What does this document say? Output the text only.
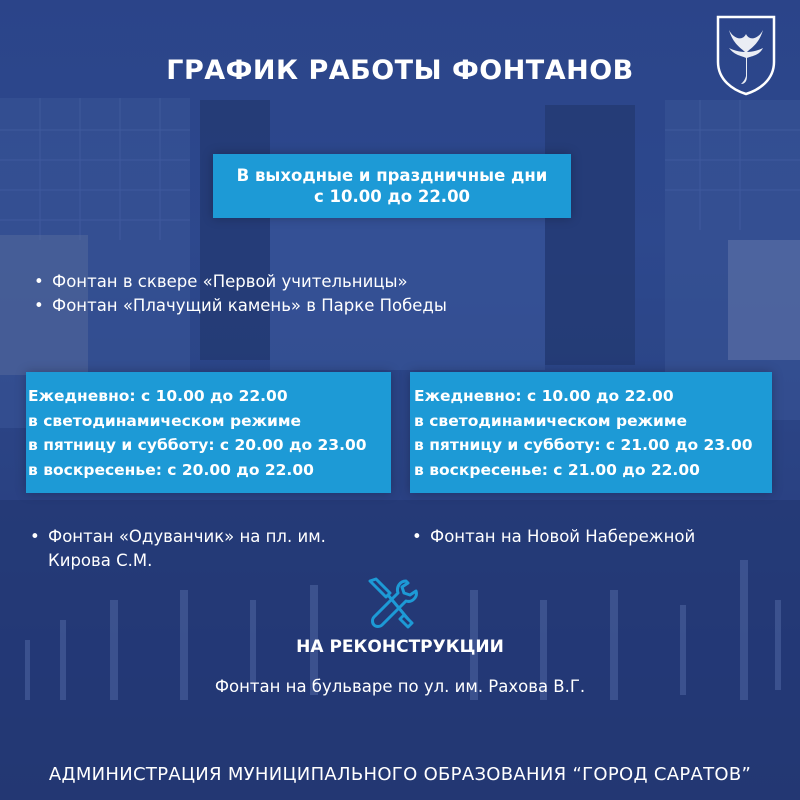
ГРАФИК РАБОТЫ ФОНТАНОВ
В выходные и праздничные дни
с 10.00 до 22.00
• Фонтан в сквере «Первой учительницы»
• Фонтан «Плачущий камень» в Парке Победы
Ежедневно: с 10.00 до 22.00
в светодинамическом режиме
в пятницу и субботу: с 20.00 до 23.00
в воскресенье: с 20.00 до 22.00
Ежедневно: с 10.00 до 22.00
в светодинамическом режиме
в пятницу и субботу: с 21.00 до 23.00
в воскресенье: с 21.00 до 22.00
• Фонтан «Одуванчик» на пл. им. Кирова С.М.
• Фонтан на Новой Набережной
НА РЕКОНСТРУКЦИИ
Фонтан на бульваре по ул. им. Рахова В.Г.
АДМИНИСТРАЦИЯ МУНИЦИПАЛЬНОГО ОБРАЗОВАНИЯ “ГОРОД САРАТОВ”
